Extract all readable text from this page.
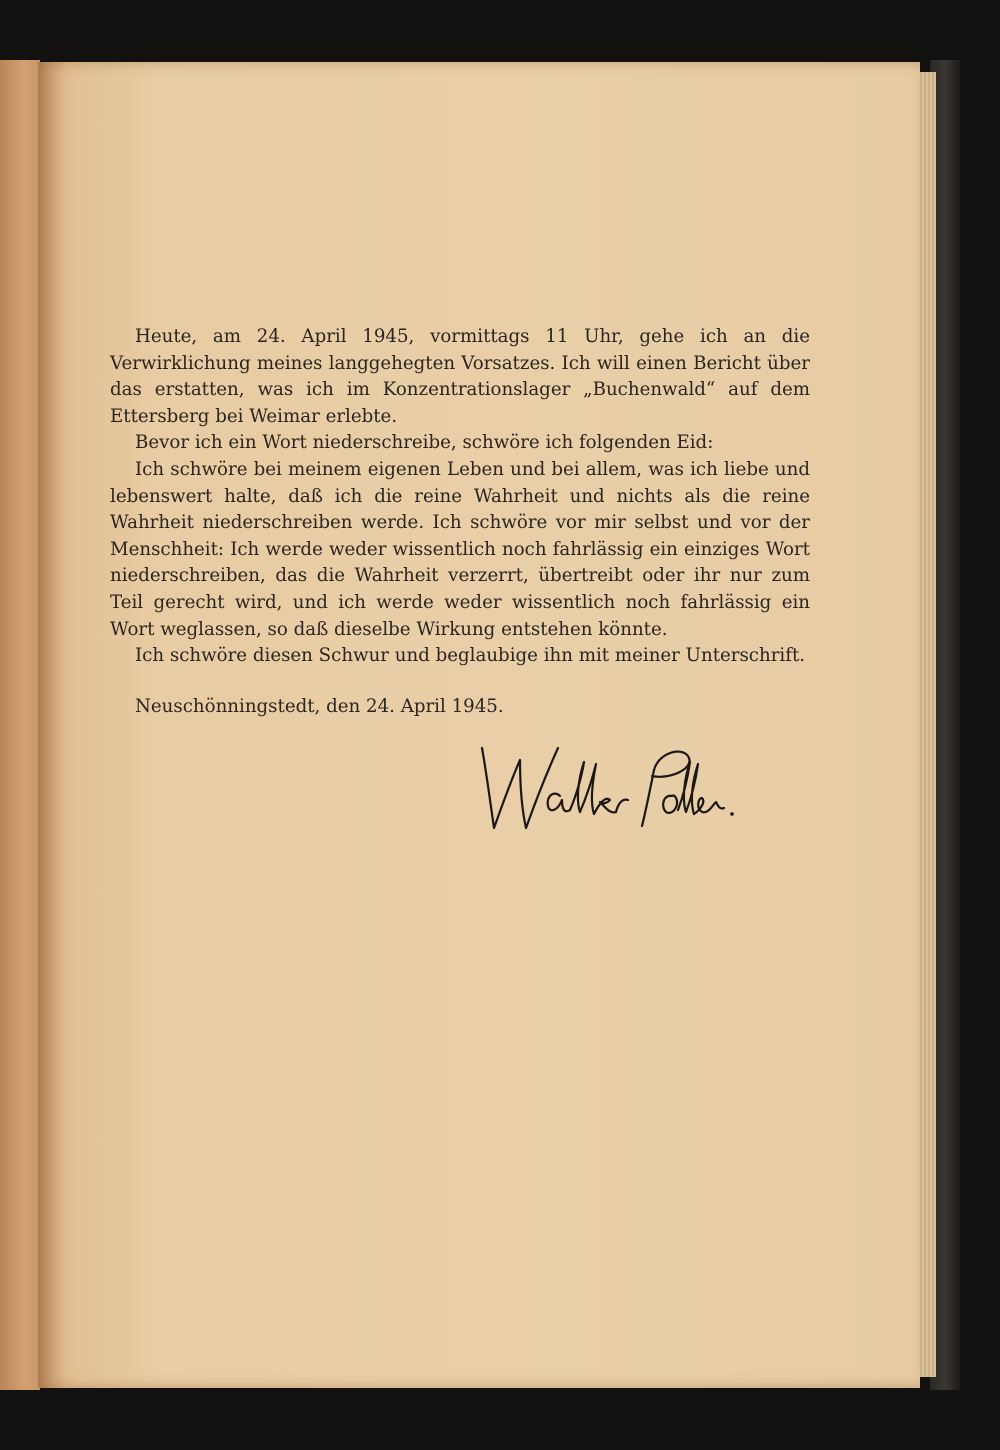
Heute, am 24. April 1945, vormittags 11 Uhr, gehe ich an die Verwirklichung meines langgehegten Vorsatzes. Ich will einen Bericht über das erstatten, was ich im Konzentrationslager „Buchenwald“ auf dem Ettersberg bei Weimar erlebte.

Bevor ich ein Wort niederschreibe, schwöre ich folgenden Eid:

Ich schwöre bei meinem eigenen Leben und bei allem, was ich liebe und lebenswert halte, daß ich die reine Wahrheit und nichts als die reine Wahrheit niederschreiben werde. Ich schwöre vor mir selbst und vor der Menschheit: Ich werde weder wissentlich noch fahrlässig ein einziges Wort niederschreiben, das die Wahrheit verzerrt, übertreibt oder ihr nur zum Teil gerecht wird, und ich werde weder wissentlich noch fahrlässig ein Wort weglassen, so daß dieselbe Wirkung entstehen könnte.

Ich schwöre diesen Schwur und beglaubige ihn mit meiner Unterschrift.

Neuschönningstedt, den 24. April 1945.
